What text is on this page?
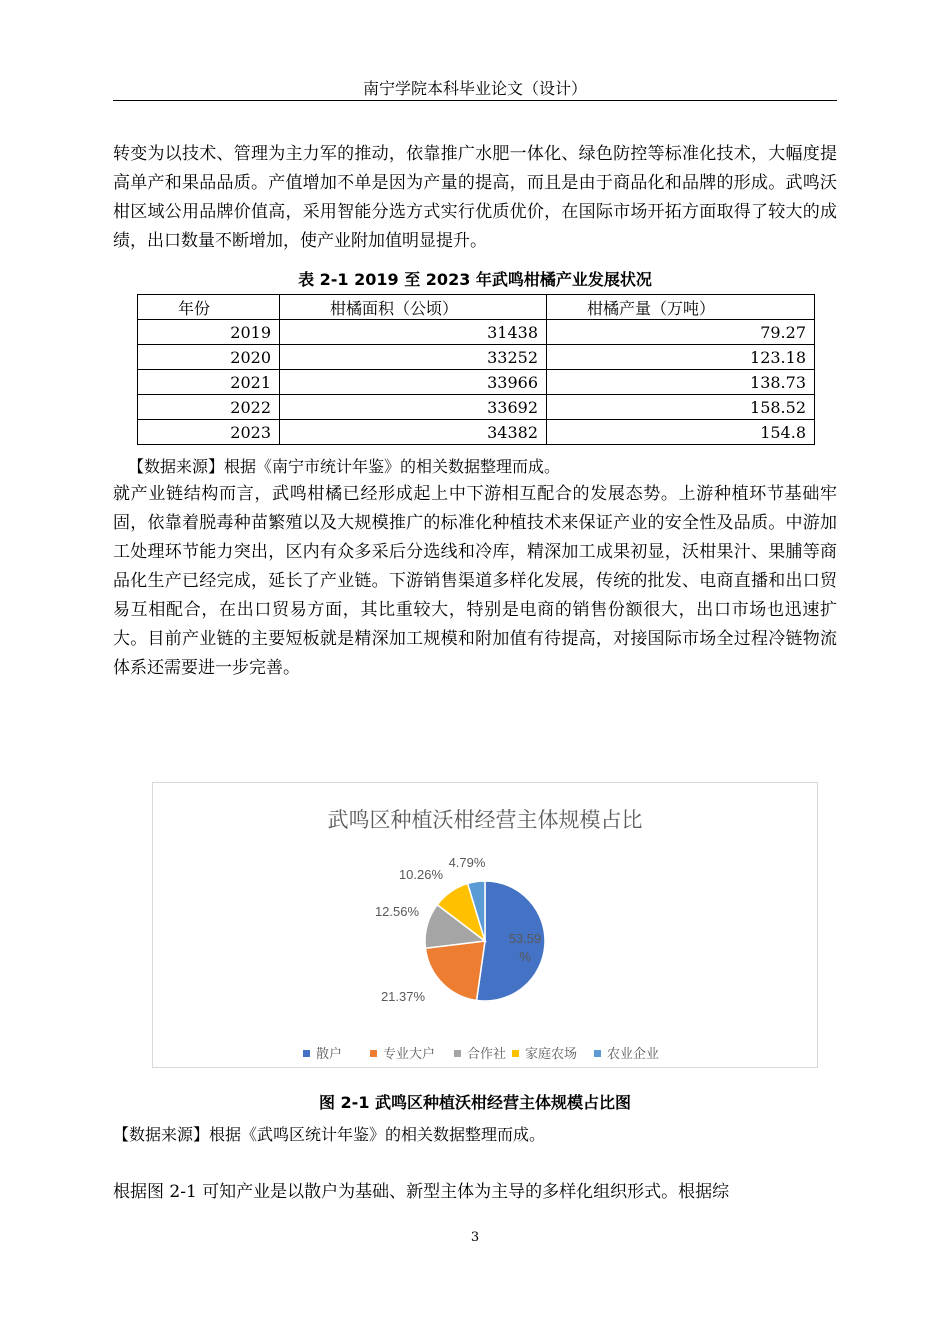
南宁学院本科毕业论文（设计）

转变为以技术、管理为主力军的推动，依靠推广水肥一体化、绿色防控等标准化技术，大幅度提高单产和果品品质。产值增加不单是因为产量的提高，而且是由于商品化和品牌的形成。武鸣沃柑区域公用品牌价值高，采用智能分选方式实行优质优价，在国际市场开拓方面取得了较大的成绩，出口数量不断增加，使产业附加值明显提升。

表 2-1 2019 至 2023 年武鸣柑橘产业发展状况
年份	柑橘面积（公顷）	柑橘产量（万吨）
2019	31438	79.27
2020	33252	123.18
2021	33966	138.73
2022	33692	158.52
2023	34382	154.8
【数据来源】根据《南宁市统计年鉴》的相关数据整理而成。

就产业链结构而言，武鸣柑橘已经形成起上中下游相互配合的发展态势。上游种植环节基础牢固，依靠着脱毒种苗繁殖以及大规模推广的标准化种植技术来保证产业的安全性及品质。中游加工处理环节能力突出，区内有众多采后分选线和冷库，精深加工成果初显，沃柑果汁、果脯等商品化生产已经完成，延长了产业链。下游销售渠道多样化发展，传统的批发、电商直播和出口贸易互相配合，在出口贸易方面，其比重较大，特别是电商的销售份额很大，出口市场也迅速扩大。目前产业链的主要短板就是精深加工规模和附加值有待提高，对接国际市场全过程冷链物流体系还需要进一步完善。

武鸣区种植沃柑经营主体规模占比
53.59 %
21.37%
12.56%
10.26%
4.79%
散户	专业大户 合作社 家庭农场 农业企业
图 2-1 武鸣区种植沃柑经营主体规模占比图
【数据来源】根据《武鸣区统计年鉴》的相关数据整理而成。

根据图 2-1 可知产业是以散户为基础、新型主体为主导的多样化组织形式。根据综

3
